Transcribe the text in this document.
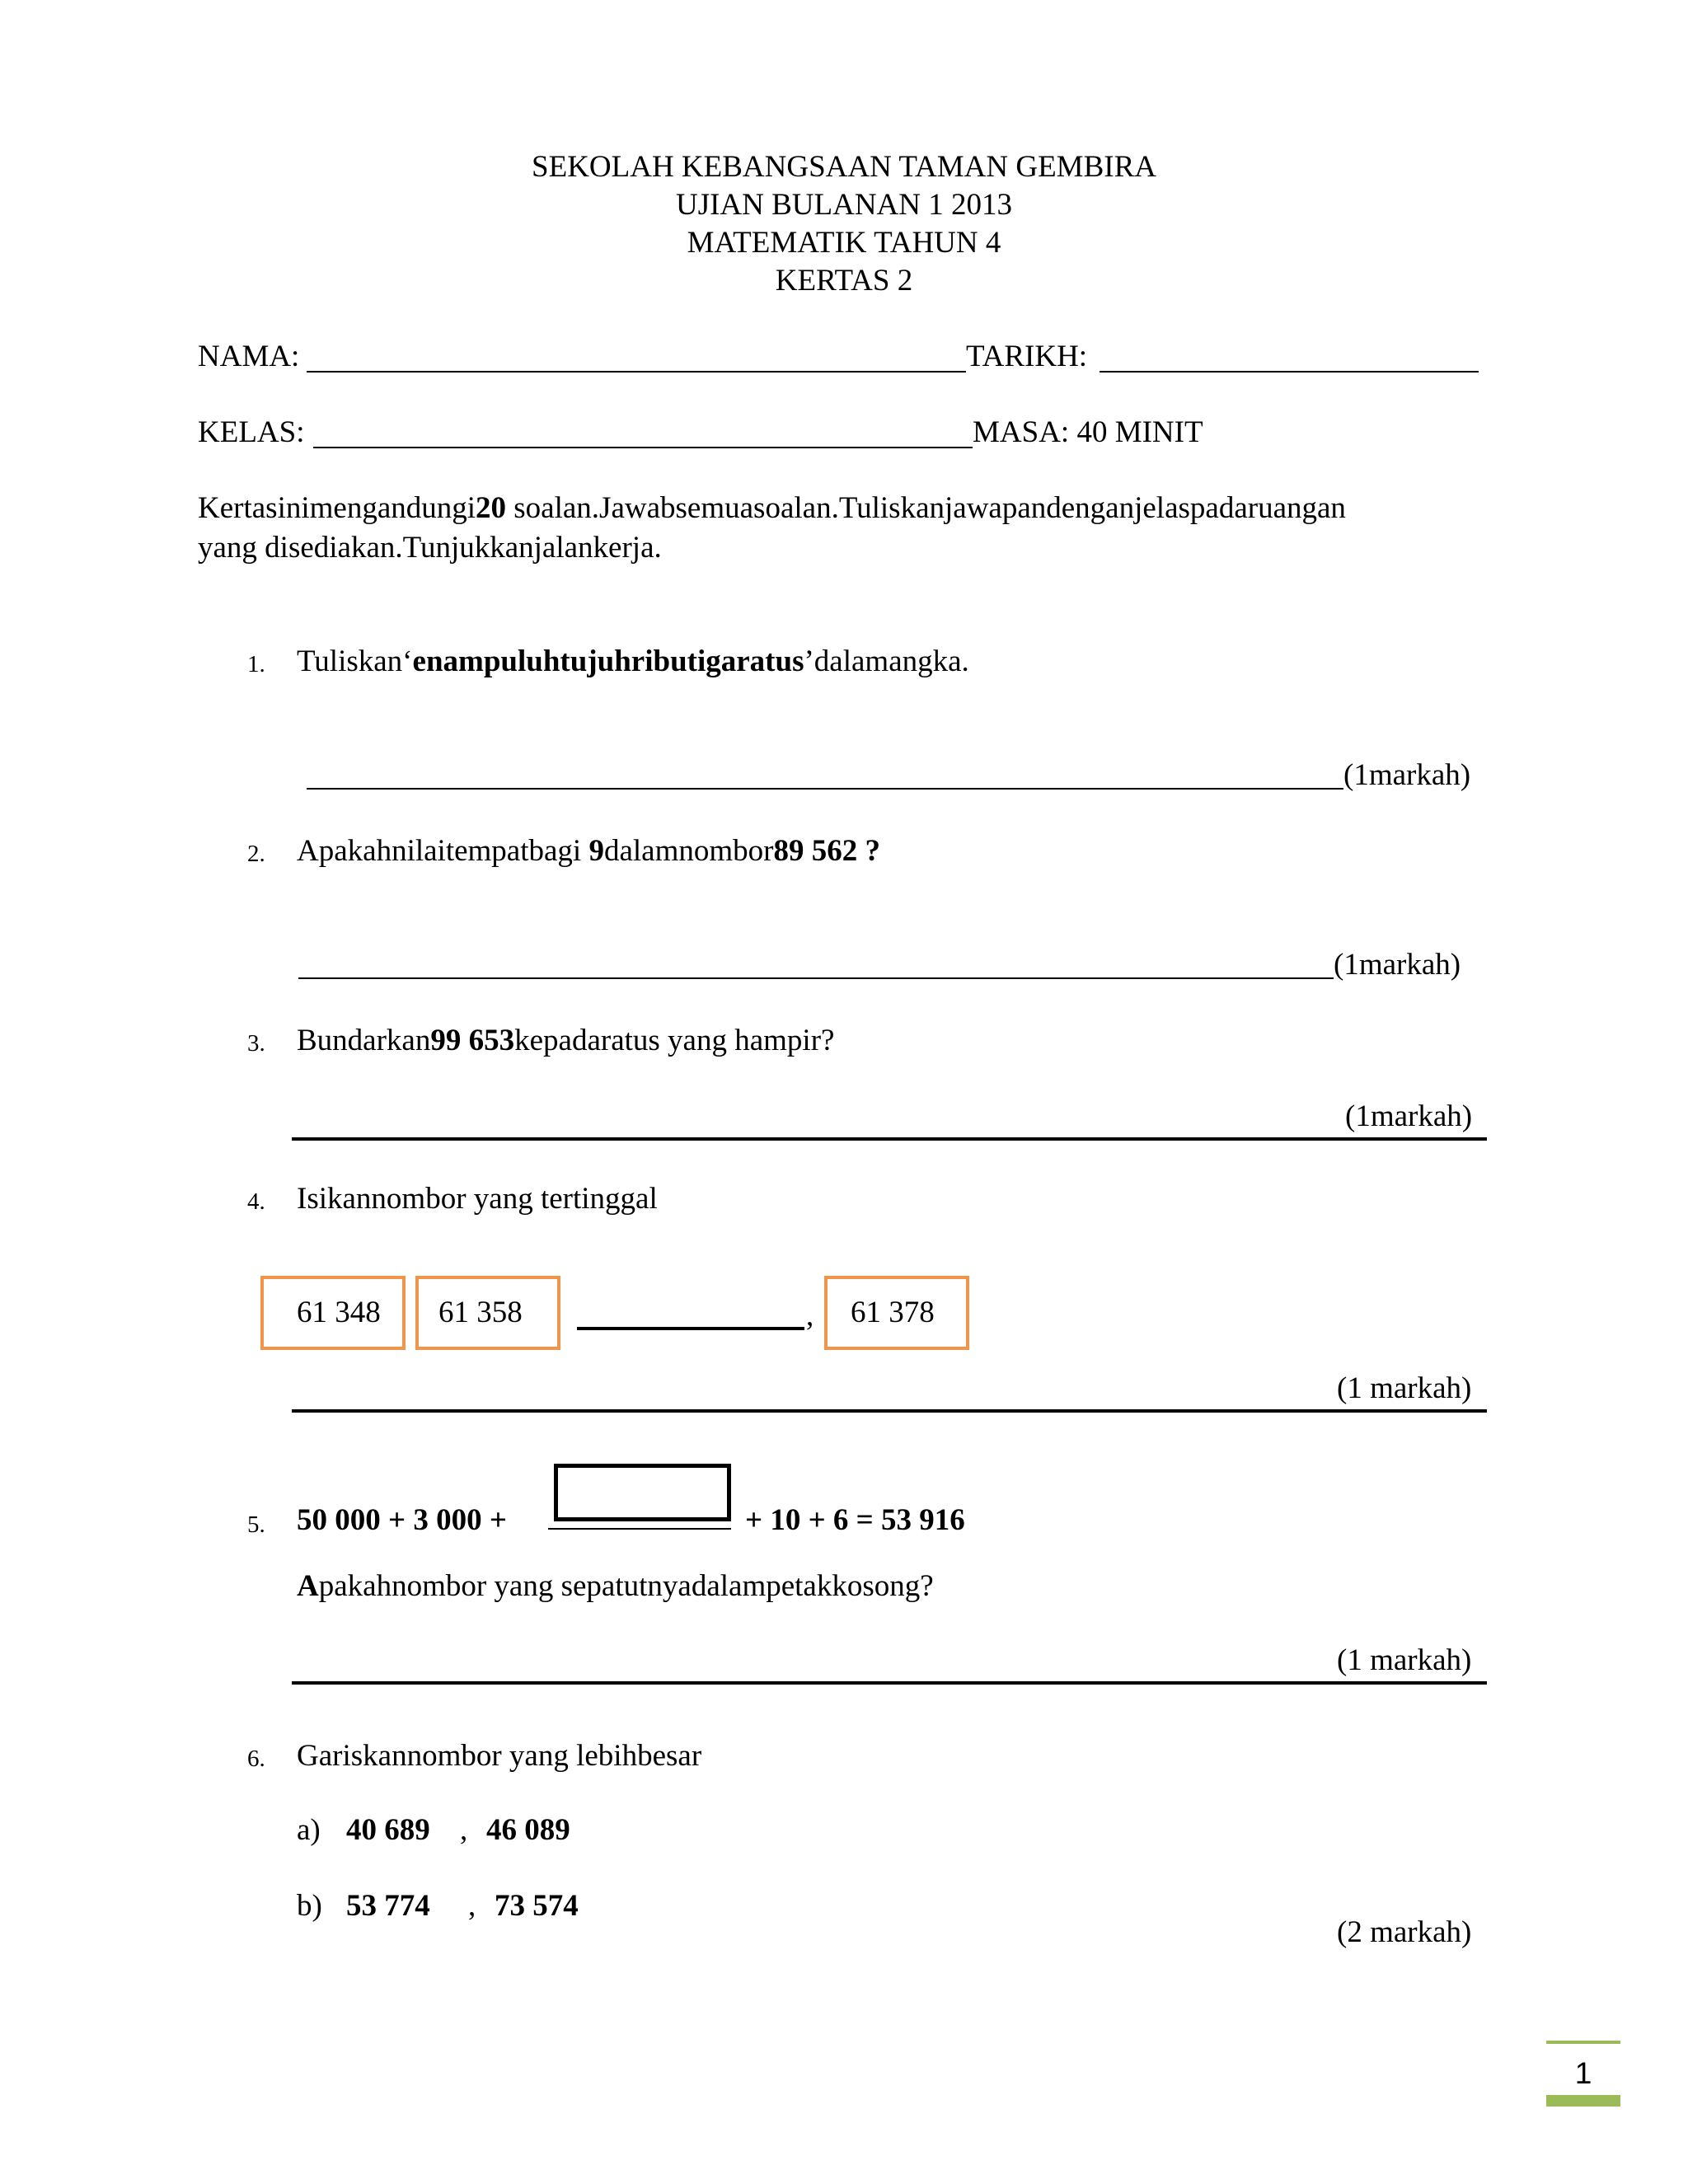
SEKOLAH KEBANGSAAN TAMAN GEMBIRA
UJIAN BULANAN 1 2013
MATEMATIK TAHUN 4
KERTAS 2
NAMA:	TARIKH:
KELAS:	MASA: 40 MINIT
Kertasinimengandungi20 soalan.Jawabsemuasoalan.Tuliskanjawapandenganjelaspadaruangan
yang disediakan.Tunjukkanjalankerja.
1. Tuliskan‘enampuluhtujuhributigaratus’dalamangka.
(1markah)
2. Apakahnilaitempatbagi 9dalamnombor89 562 ?
(1markah)
3. Bundarkan99 653kepadaratus yang hampir?
(1markah)
4. Isikannombor yang tertinggal
61 348	61 358	,	61 378
(1 markah)
5. 50 000 + 3 000 +	+ 10 + 6 = 53 916
Apakahnombor yang sepatutnyadalampetakkosong?
(1 markah)
6. Gariskannombor yang lebihbesar
a) 40 689 , 46 089
b) 53 774 , 73 574
(2 markah)
1
